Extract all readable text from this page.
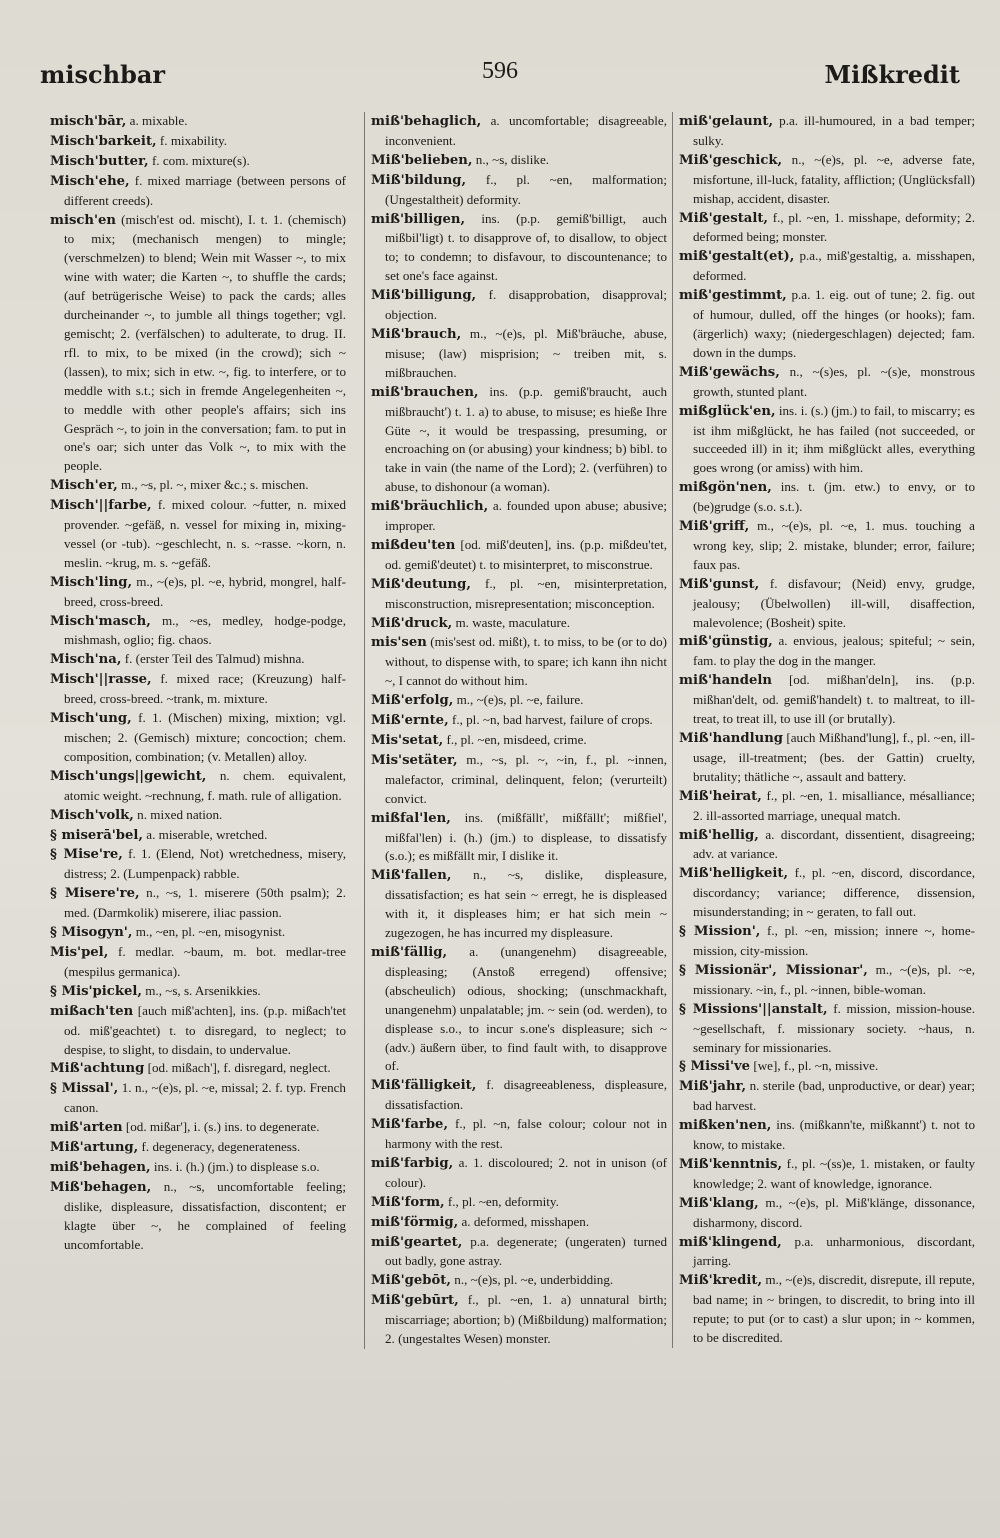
mischbar	596	Mißkredit

misch'bār, a. mixable.

Misch'barkeit, f. mixability.

Misch'butter, f. com. mixture(s).

Misch'ehe, f. mixed marriage (between persons of different creeds).

misch'en (misch'est od. mischt), I. t. 1. (chemisch) to mix; (mechanisch mengen) to mingle; (verschmelzen) to blend; Wein mit Wasser ~, to mix wine with water; die Karten ~, to shuffle the cards; (auf betrügerische Weise) to pack the cards; alles durcheinander ~, to jumble all things together; vgl. gemischt; 2. (verfälschen) to adulterate, to drug. II. rfl. to mix, to be mixed (in the crowd); sich ~ (lassen), to mix; sich in etw. ~, fig. to interfere, or to meddle with s.t.; sich in fremde Angelegenheiten ~, to meddle with other people's affairs; sich ins Gespräch ~, to join in the conversation; fam. to put in one's oar; sich unter das Volk ~, to mix with the people.

Misch'er, m., ~s, pl. ~, mixer &c.; s. mischen.

Misch'||farbe, f. mixed colour. ~futter, n. mixed provender. ~gefäß, n. vessel for mixing in, mixing-vessel (or -tub). ~geschlecht, n. s. ~rasse. ~korn, n. meslin. ~krug, m. s. ~gefäß.

Misch'ling, m., ~(e)s, pl. ~e, hybrid, mongrel, half-breed, cross-breed.

Misch'masch, m., ~es, medley, hodge-podge, mishmash, oglio; fig. chaos.

Misch'na, f. (erster Teil des Talmud) mishna.

Misch'||rasse, f. mixed race; (Kreuzung) half-breed, cross-breed. ~trank, m. mixture.

Misch'ung, f. 1. (Mischen) mixing, mixtion; vgl. mischen; 2. (Gemisch) mixture; concoction; chem. composition, combination; (v. Metallen) alloy.

Misch'ungs||gewicht, n. chem. equivalent, atomic weight. ~rechnung, f. math. rule of alligation.

Misch'volk, n. mixed nation.

§ miserā'bel, a. miserable, wretched.

§ Mise're, f. 1. (Elend, Not) wretchedness, misery, distress; 2. (Lumpenpack) rabble.

§ Misere're, n., ~s, 1. miserere (50th psalm); 2. med. (Darmkolik) miserere, iliac passion.

§ Misogyn', m., ~en, pl. ~en, misogynist.

Mis'pel, f. medlar. ~baum, m. bot. medlar-tree (mespilus germanica).

§ Mis'pickel, m., ~s, s. Arsenikkies.

mißach'ten [auch miß'achten], ins. (p.p. mißach'tet od. miß'geachtet) t. to disregard, to neglect; to despise, to slight, to disdain, to undervalue.

Miß'achtung [od. mißach'], f. disregard, neglect.

§ Missal', 1. n., ~(e)s, pl. ~e, missal; 2. f. typ. French canon.

miß'arten [od. mißar'], i. (s.) ins. to degenerate.

Miß'artung, f. degeneracy, degenerateness.

miß'behagen, ins. i. (h.) (jm.) to displease s.o.

Miß'behagen, n., ~s, uncomfortable feeling; dislike, displeasure, dissatisfaction, discontent; er klagte über ~, he complained of feeling uncomfortable.

miß'behaglich, a. uncomfortable; disagreeable, inconvenient.

Miß'belieben, n., ~s, dislike.

Miß'bildung, f., pl. ~en, malformation; (Ungestaltheit) deformity.

miß'billigen, ins. (p.p. gemiß'billigt, auch mißbil'ligt) t. to disapprove of, to disallow, to object to; to condemn; to disfavour, to discountenance; to set one's face against.

Miß'billigung, f. disapprobation, disapproval; objection.

Miß'brauch, m., ~(e)s, pl. Miß'bräuche, abuse, misuse; (law) misprision; ~ treiben mit, s. mißbrauchen.

miß'brauchen, ins. (p.p. gemiß'braucht, auch mißbraucht') t. 1. a) to abuse, to misuse; es hieße Ihre Güte ~, it would be trespassing, presuming, or encroaching on (or abusing) your kindness; b) bibl. to take in vain (the name of the Lord); 2. (verführen) to abuse, to dishonour (a woman).

miß'bräuchlich, a. founded upon abuse; abusive; improper.

mißdeu'ten [od. miß'deuten], ins. (p.p. mißdeu'tet, od. gemiß'deutet) t. to misinterpret, to misconstrue.

Miß'deutung, f., pl. ~en, misinterpretation, misconstruction, misrepresentation; misconception.

Miß'druck, m. waste, maculature.

mis'sen (mis'sest od. mißt), t. to miss, to be (or to do) without, to dispense with, to spare; ich kann ihn nicht ~, I cannot do without him.

Miß'erfolg, m., ~(e)s, pl. ~e, failure.

Miß'ernte, f., pl. ~n, bad harvest, failure of crops.

Mis'setat, f., pl. ~en, misdeed, crime.

Mis'setäter, m., ~s, pl. ~, ~in, f., pl. ~innen, malefactor, criminal, delinquent, felon; (verurteilt) convict.

mißfal'len, ins. (mißfällt', mißfällt'; mißfiel', mißfal'len) i. (h.) (jm.) to displease, to dissatisfy (s.o.); es mißfällt mir, I dislike it.

Miß'fallen, n., ~s, dislike, displeasure, dissatisfaction; es hat sein ~ erregt, he is displeased with it, it displeases him; er hat sich mein ~ zugezogen, he has incurred my displeasure.

miß'fällig, a. (unangenehm) disagreeable, displeasing; (Anstoß erregend) offensive; (abscheulich) odious, shocking; (unschmackhaft, unangenehm) unpalatable; jm. ~ sein (od. werden), to displease s.o., to incur s.one's displeasure; sich ~ (adv.) äußern über, to find fault with, to disapprove of.

Miß'fälligkeit, f. disagreeableness, displeasure, dissatisfaction.

Miß'farbe, f., pl. ~n, false colour; colour not in harmony with the rest.

miß'farbig, a. 1. discoloured; 2. not in unison (of colour).

Miß'form, f., pl. ~en, deformity.

miß'förmig, a. deformed, misshapen.

miß'geartet, p.a. degenerate; (ungeraten) turned out badly, gone astray.

Miß'gebōt, n., ~(e)s, pl. ~e, underbidding.

Miß'gebūrt, f., pl. ~en, 1. a) unnatural birth; miscarriage; abortion; b) (Mißbildung) malformation; 2. (ungestaltes Wesen) monster.

miß'gelaunt, p.a. ill-humoured, in a bad temper; sulky.

Miß'geschick, n., ~(e)s, pl. ~e, adverse fate, misfortune, ill-luck, fatality, affliction; (Unglücksfall) mishap, accident, disaster.

Miß'gestalt, f., pl. ~en, 1. misshape, deformity; 2. deformed being; monster.

miß'gestalt(et), p.a., miß'gestaltig, a. misshapen, deformed.

miß'gestimmt, p.a. 1. eig. out of tune; 2. fig. out of humour, dulled, off the hinges (or hooks); fam. (ärgerlich) waxy; (niedergeschlagen) dejected; fam. down in the dumps.

Miß'gewächs, n., ~(s)es, pl. ~(s)e, monstrous growth, stunted plant.

mißglück'en, ins. i. (s.) (jm.) to fail, to miscarry; es ist ihm mißglückt, he has failed (not succeeded, or succeeded ill) in it; ihm mißglückt alles, everything goes wrong (or amiss) with him.

mißgön'nen, ins. t. (jm. etw.) to envy, or to (be)grudge (s.o. s.t.).

Miß'griff, m., ~(e)s, pl. ~e, 1. mus. touching a wrong key, slip; 2. mistake, blunder; error, failure; faux pas.

Miß'gunst, f. disfavour; (Neid) envy, grudge, jealousy; (Übelwollen) ill-will, disaffection, malevolence; (Bosheit) spite.

miß'günstig, a. envious, jealous; spiteful; ~ sein, fam. to play the dog in the manger.

miß'handeln [od. mißhan'deln], ins. (p.p. mißhan'delt, od. gemiß'handelt) t. to maltreat, to ill-treat, to treat ill, to use ill (or brutally).

Miß'handlung [auch Mißhand'lung], f., pl. ~en, ill-usage, ill-treatment; (bes. der Gattin) cruelty, brutality; thätliche ~, assault and battery.

Miß'heirat, f., pl. ~en, 1. misalliance, mésalliance; 2. ill-assorted marriage, unequal match.

miß'hellig, a. discordant, dissentient, disagreeing; adv. at variance.

Miß'helligkeit, f., pl. ~en, discord, discordance, discordancy; variance; difference, dissension, misunderstanding; in ~ geraten, to fall out.

§ Mission', f., pl. ~en, mission; innere ~, home-mission, city-mission.

§ Missionär', Missionar', m., ~(e)s, pl. ~e, missionary. ~in, f., pl. ~innen, bible-woman.

§ Missions'||anstalt, f. mission, mission-house. ~gesellschaft, f. missionary society. ~haus, n. seminary for missionaries.

§ Missi've [we], f., pl. ~n, missive.

Miß'jahr, n. sterile (bad, unproductive, or dear) year; bad harvest.

mißken'nen, ins. (mißkann'te, mißkannt') t. not to know, to mistake.

Miß'kenntnis, f., pl. ~(ss)e, 1. mistaken, or faulty knowledge; 2. want of knowledge, ignorance.

Miß'klang, m., ~(e)s, pl. Miß'klänge, dissonance, disharmony, discord.

miß'klingend, p.a. unharmonious, discordant, jarring.

Miß'kredit, m., ~(e)s, discredit, disrepute, ill repute, bad name; in ~ bringen, to discredit, to bring into ill repute; to put (or to cast) a slur upon; in ~ kommen, to be discredited.
